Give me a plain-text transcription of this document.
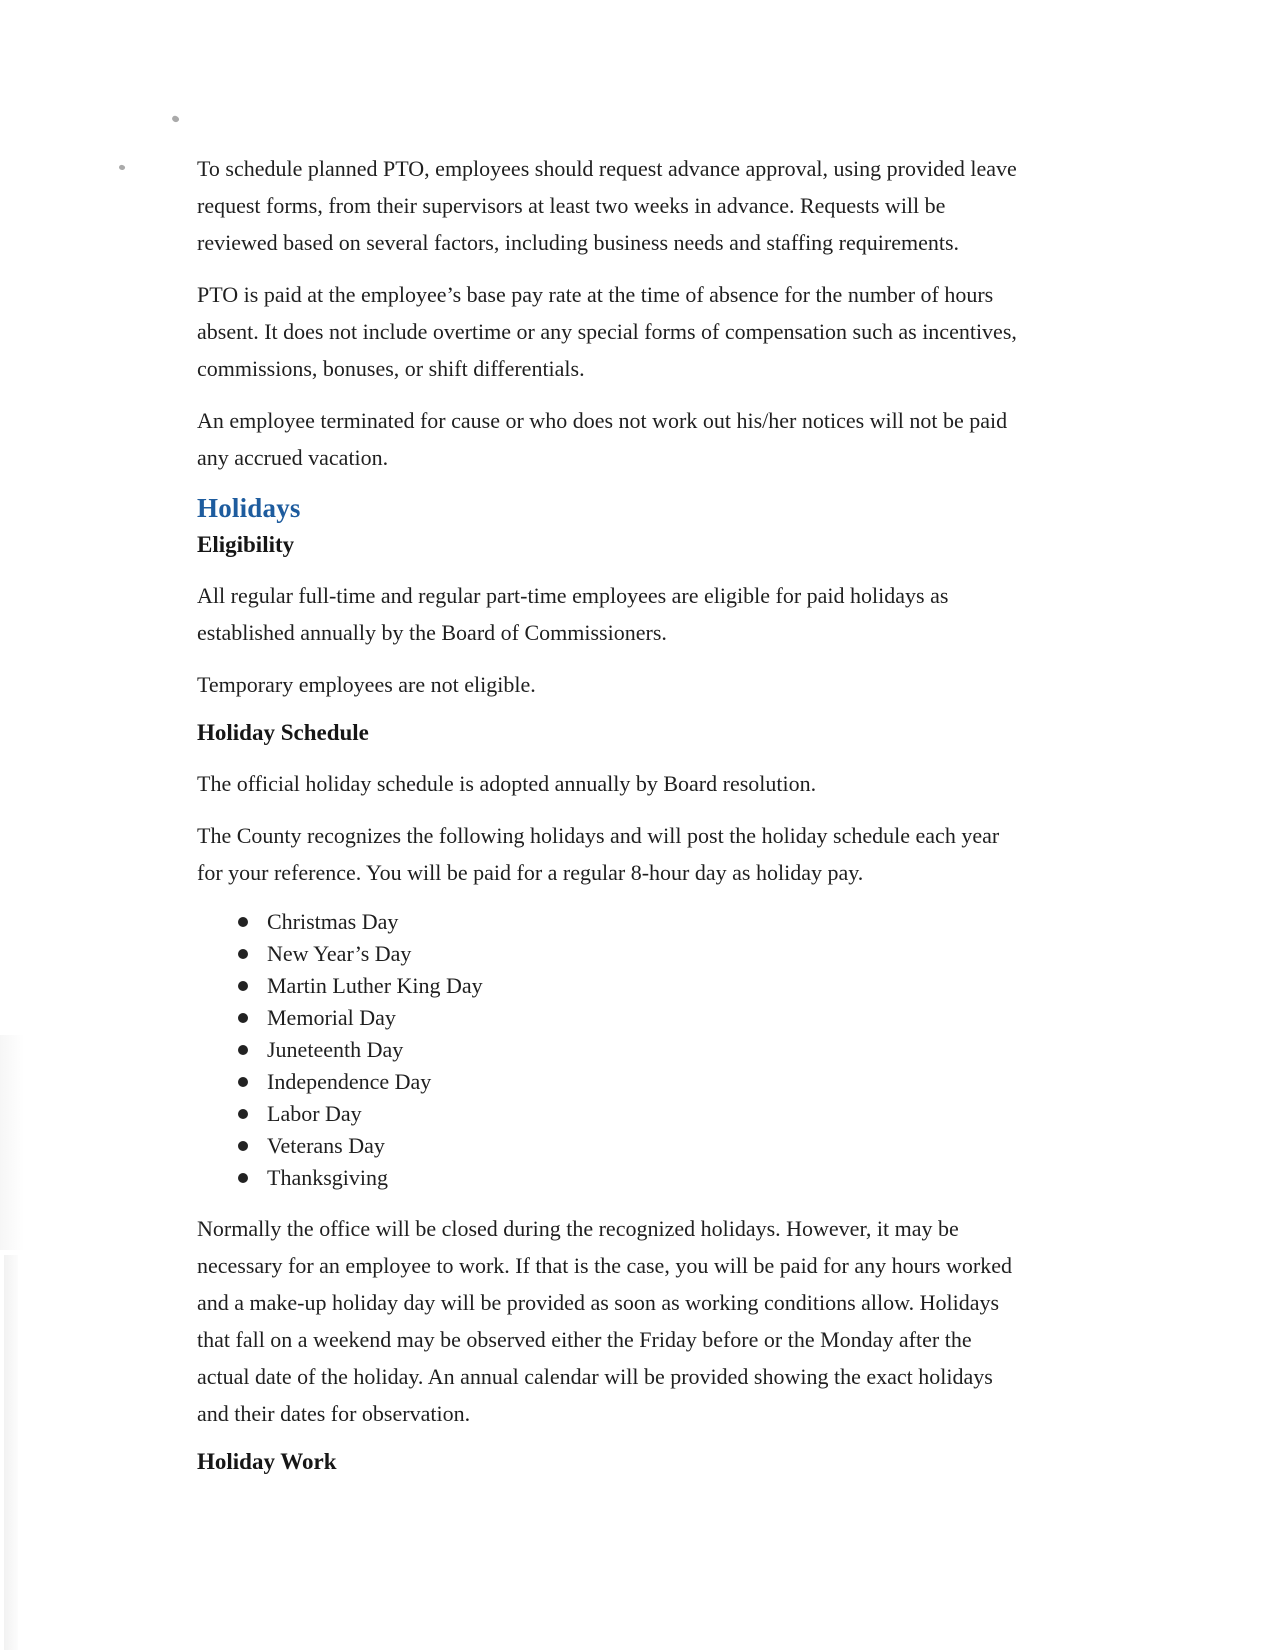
To schedule planned PTO, employees should request advance approval, using provided leave request forms, from their supervisors at least two weeks in advance. Requests will be reviewed based on several factors, including business needs and staffing requirements.

PTO is paid at the employee’s base pay rate at the time of absence for the number of hours absent. It does not include overtime or any special forms of compensation such as incentives, commissions, bonuses, or shift differentials.

An employee terminated for cause or who does not work out his/her notices will not be paid any accrued vacation.

Holidays
Eligibility

All regular full-time and regular part-time employees are eligible for paid holidays as established annually by the Board of Commissioners.

Temporary employees are not eligible.

Holiday Schedule

The official holiday schedule is adopted annually by Board resolution.

The County recognizes the following holidays and will post the holiday schedule each year for your reference. You will be paid for a regular 8-hour day as holiday pay.

Christmas Day
New Year’s Day
Martin Luther King Day
Memorial Day
Juneteenth Day
Independence Day
Labor Day
Veterans Day
Thanksgiving

Normally the office will be closed during the recognized holidays. However, it may be necessary for an employee to work. If that is the case, you will be paid for any hours worked and a make-up holiday day will be provided as soon as working conditions allow. Holidays that fall on a weekend may be observed either the Friday before or the Monday after the actual date of the holiday. An annual calendar will be provided showing the exact holidays and their dates for observation.

Holiday Work
